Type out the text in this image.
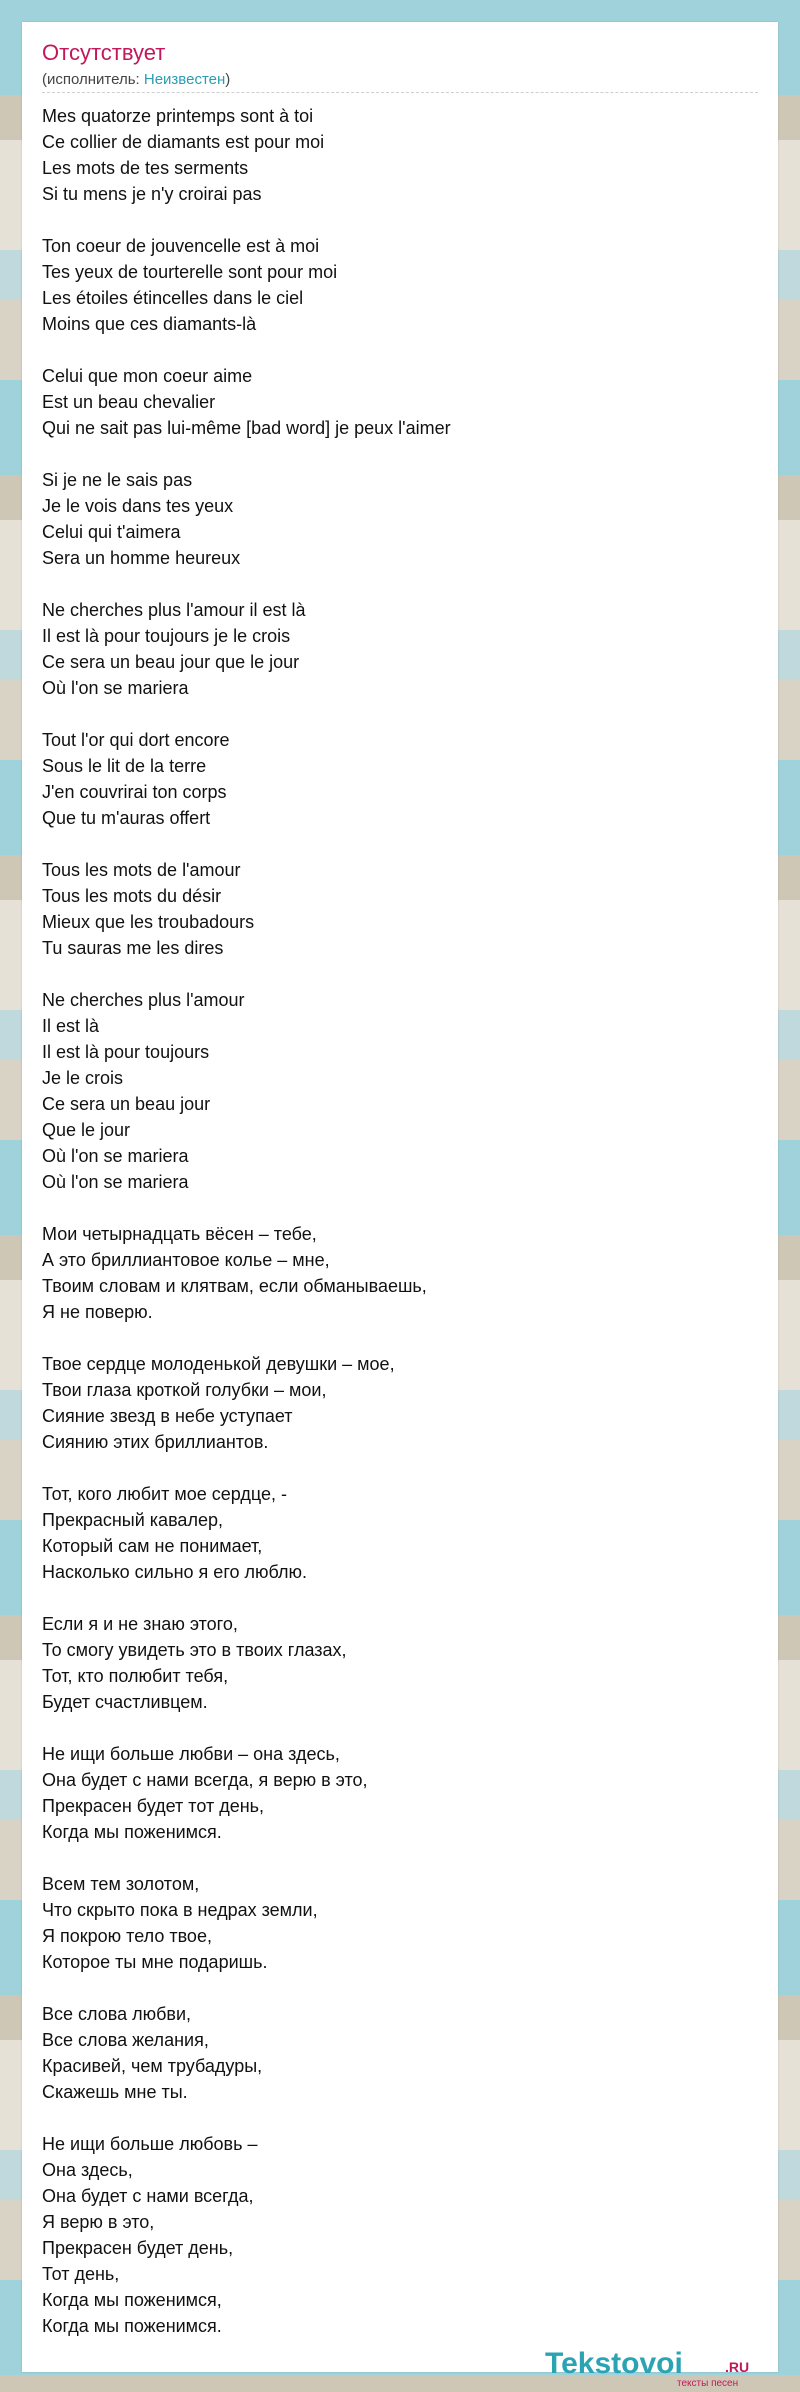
Отсутствует
(исполнитель: Неизвестен)
Mes quatorze printemps sont à toi
Ce collier de diamants est pour moi
Les mots de tes serments
Si tu mens je n'y croirai pas
Ton coeur de jouvencelle est à moi
Tes yeux de tourterelle sont pour moi
Les étoiles étincelles dans le ciel
Moins que ces diamants-là
Celui que mon coeur aime
Est un beau chevalier
Qui ne sait pas lui-même [bad word] je peux l'aimer
Si je ne le sais pas
Je le vois dans tes yeux
Celui qui t'aimera
Sera un homme heureux
Ne cherches plus l'amour il est là
Il est là pour toujours je le crois
Ce sera un beau jour que le jour
Où l'on se mariera
Tout l'or qui dort encore
Sous le lit de la terre
J'en couvrirai ton corps
Que tu m'auras offert
Tous les mots de l'amour
Tous les mots du désir
Mieux que les troubadours
Tu sauras me les dires
Ne cherches plus l'amour
Il est là
Il est là pour toujours
Je le crois
Ce sera un beau jour
Que le jour
Où l'on se mariera
Où l'on se mariera
Мои четырнадцать вёсен – тебе,
А это бриллиантовое колье – мне,
Твоим словам и клятвам, если обманываешь,
Я не поверю.
Твое сердце молоденькой девушки – мое,
Твои глаза кроткой голубки – мои,
Сияние звезд в небе уступает
Сиянию этих бриллиантов.
Тот, кого любит мое сердце, -
Прекрасный кавалер,
Который сам не понимает,
Насколько сильно я его люблю.
Если я и не знаю этого,
То смогу увидеть это в твоих глазах,
Тот, кто полюбит тебя,
Будет счастливцем.
Не ищи больше любви – она здесь,
Она будет с нами всегда, я верю в это,
Прекрасен будет тот день,
Когда мы поженимся.
Всем тем золотом,
Что скрыто пока в недрах земли,
Я покрою тело твое,
Которое ты мне подаришь.
Все слова любви,
Все слова желания,
Красивей, чем трубадуры,
Скажешь мне ты.
Не ищи больше любовь –
Она здесь,
Она будет с нами всегда,
Я верю в это,
Прекрасен будет день,
Тот день,
Когда мы поженимся,
Когда мы поженимся.
Tekstovoi	.RU
тексты песен
